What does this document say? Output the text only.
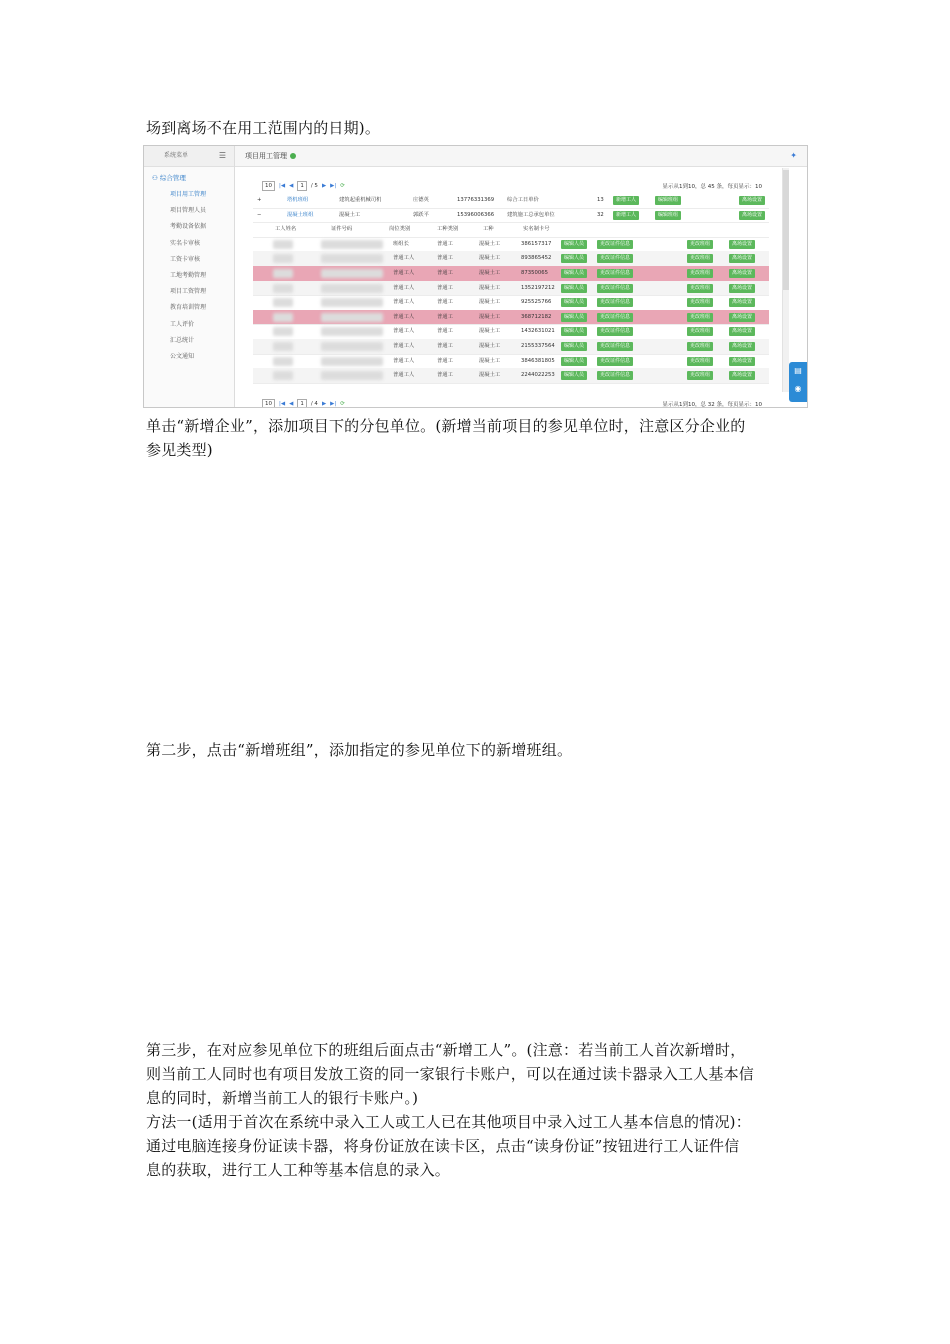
场到离场不在用工范围内的日期)。

系统菜单	☰
⚇ 综合管理
项目用工管理
项目管理人员
考勤设备依据
实名卡审核
工资卡审核
工地考勤管理
项目工资管理
教育培训管理
工人评价
汇总统计
公文通知
项目用工管理	✦
10	|◀ ◀	1	/ 5 ▶ ▶| ⟳	显示从1到10，总 45 条，每页显示：10
+	塔机班组	建筑起重机械司机	庄德英	13776331369 综合工日单价	13	新增工人	编辑班组	离场设置
−	混凝土班组	混凝土工	郭跃平	15396006366 建筑施工总承包单位	32	新增工人	编辑班组	离场设置
工人姓名	证件号码	岗位类别	工种类别	工种	实名制卡号
班组长	普通工	混凝土工	386157317	编辑人员	更改证件信息	更改班组	离场设置
普通工人	普通工	混凝土工	893865452	编辑人员	更改证件信息	更改班组	离场设置
普通工人	普通工	混凝土工	87350065	编辑人员	更改证件信息	更改班组	离场设置
普通工人	普通工	混凝土工	1352197212	编辑人员	更改证件信息	更改班组	离场设置
普通工人	普通工	混凝土工	925525766	编辑人员	更改证件信息	更改班组	离场设置
普通工人	普通工	混凝土工	368712182	编辑人员	更改证件信息	更改班组	离场设置
普通工人	普通工	混凝土工	1432631021	编辑人员	更改证件信息	更改班组	离场设置
普通工人	普通工	混凝土工	2155337564	编辑人员	更改证件信息	更改班组	离场设置
普通工人	普通工	混凝土工	3846381805	编辑人员	更改证件信息	更改班组	离场设置
普通工人	普通工	混凝土工	2244022253	编辑人员	更改证件信息	更改班组	离场设置
10	|◀ ◀	1	/ 4 ▶ ▶| ⟳	显示从1到10，总 32 条，每页显示：10
▤
◉

单击“新增企业”，添加项目下的分包单位。(新增当前项目的参见单位时，注意区分企业的
参见类型)

第二步，点击“新增班组”，添加指定的参见单位下的新增班组。

第三步，在对应参见单位下的班组后面点击“新增工人”。(注意：若当前工人首次新增时，
则当前工人同时也有项目发放工资的同一家银行卡账户，可以在通过读卡器录入工人基本信
息的同时，新增当前工人的银行卡账户。)
方法一(适用于首次在系统中录入工人或工人已在其他项目中录入过工人基本信息的情况)：
通过电脑连接身份证读卡器，将身份证放在读卡区，点击“读身份证”按钮进行工人证件信
息的获取，进行工人工种等基本信息的录入。
